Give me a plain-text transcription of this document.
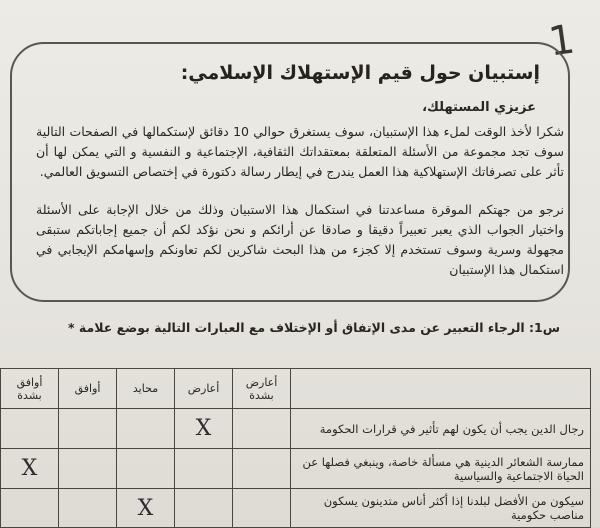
1
إستبيان حول قيم الإستهلاك الإسلامي:
عزيزي المستهلك،
شكرا لأخذ الوقت لملء هذا الإستبيان، سوف يستغرق حوالي 10 دقائق لإستكمالها في الصفحات التالية سوف تجد مجموعة من الأسئلة المتعلقة بمعتقداتك الثقافية، الإجتماعية و النفسية و التي يمكن لها أن تأثر على تصرفاتك الإستهلاكية هذا العمل يندرج في إيطار رسالة دكتورة في إختصاص التسويق العالمي.
نرجو من جهتكم الموقرة مساعدتنا في استكمال هذا الاستبيان وذلك من خلال الإجابة على الأسئلة واختيار الجواب الذي يعبر تعبيراً دقيقا و صادقا عن أرائكم و نحن نؤكد لكم أن جميع إجاباتكم ستبقى مجهولة وسرية وسوف تستخدم إلا كجزء من هذا البحث شاكرين لكم تعاونكم وإسهامكم الإيجابي في استكمال هذا الإستبيان
س1: الرجاء التعبير عن مدى الإتفاق أو الإختلاف مع العبارات التالية بوضع علامة *
أعارض بشدة
أعارض
محايد
أوافق
أوافق بشدة
رجال الدين يجب أن يكون لهم تأثير في قرارات الحكومة
X
ممارسة الشعائر الدينية هي مسألة خاصة، وينبغي فصلها عن الحياة الاجتماعية والسياسية
X
سيكون من الأفضل لبلدنا إذا أكثر أناس متدينون يسكون مناصب حكومية
X
